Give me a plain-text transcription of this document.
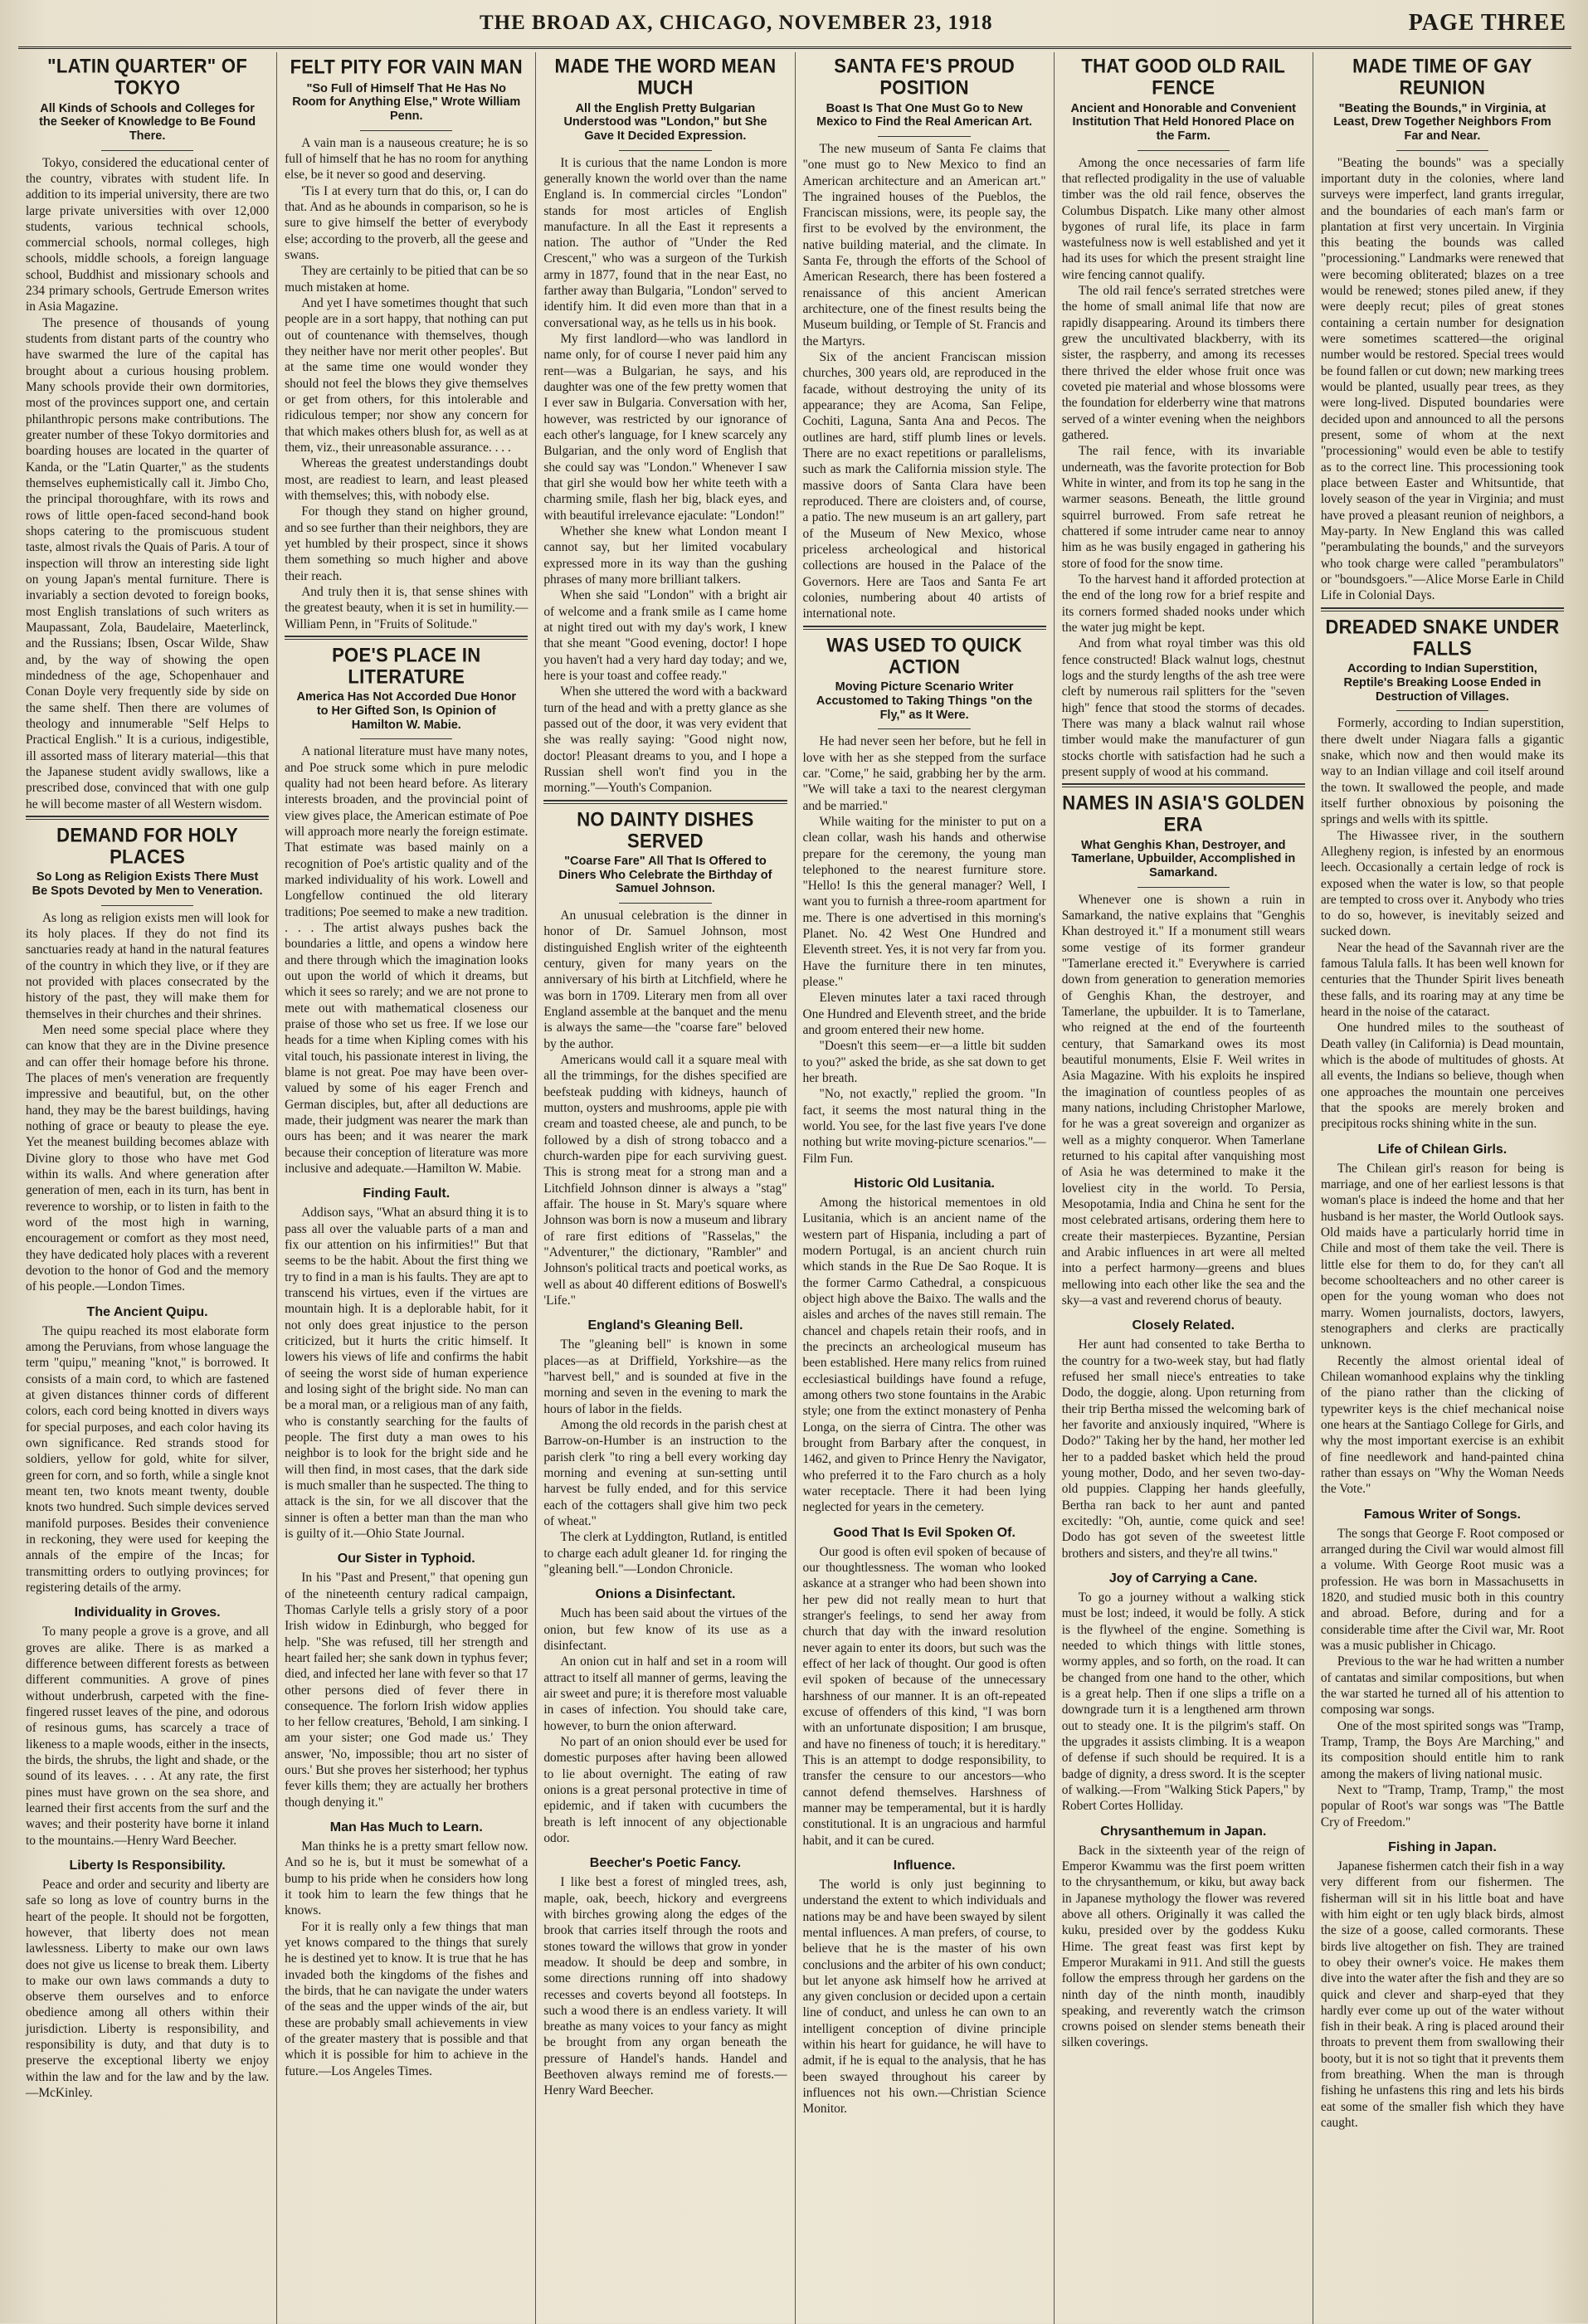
THE BROAD AX, CHICAGO, NOVEMBER 23, 1918	PAGE THREE
"LATIN QUARTER" OF TOKYO
All Kinds of Schools and Colleges for the Seeker of Knowledge to Be Found There.

Tokyo, considered the educational center of the country, vibrates with student life. In addition to its imperial university, there are two large private universities with over 12,000 students, various technical schools, commercial schools, normal colleges, high schools, middle schools, a foreign language school, Buddhist and missionary schools and 234 primary schools, Gertrude Emerson writes in Asia Magazine.

The presence of thousands of young students from distant parts of the country who have swarmed the lure of the capital has brought about a curious housing problem. Many schools provide their own dormitories, most of the provinces support one, and certain philanthropic persons make contributions. The greater number of these Tokyo dormitories and boarding houses are located in the quarter of Kanda, or the "Latin Quarter," as the students themselves euphemistically call it. Jimbo Cho, the principal thoroughfare, with its rows and rows of little open-faced second-hand book shops catering to the promiscuous student taste, almost rivals the Quais of Paris. A tour of inspection will throw an interesting side light on young Japan's mental furniture. There is invariably a section devoted to foreign books, most English translations of such writers as Maupassant, Zola, Baudelaire, Maeterlinck, and the Russians; Ibsen, Oscar Wilde, Shaw and, by the way of showing the open mindedness of the age, Schopenhauer and Conan Doyle very frequently side by side on the same shelf. Then there are volumes of theology and innumerable "Self Helps to Practical English." It is a curious, indigestible, ill assorted mass of literary material—this that the Japanese student avidly swallows, like a prescribed dose, convinced that with one gulp he will become master of all Western wisdom.

DEMAND FOR HOLY PLACES
So Long as Religion Exists There Must Be Spots Devoted by Men to Veneration.

As long as religion exists men will look for its holy places. If they do not find its sanctuaries ready at hand in the natural features of the country in which they live, or if they are not provided with places consecrated by the history of the past, they will make them for themselves in their churches and their shrines.

Men need some special place where they can know that they are in the Divine presence and can offer their homage before his throne. The places of men's veneration are frequently impressive and beautiful, but, on the other hand, they may be the barest buildings, having nothing of grace or beauty to please the eye. Yet the meanest building becomes ablaze with Divine glory to those who have met God within its walls. And where generation after generation of men, each in its turn, has bent in reverence to worship, or to listen in faith to the word of the most high in warning, encouragement or comfort as they most need, they have dedicated holy places with a reverent devotion to the honor of God and the memory of his people.—London Times.

The Ancient Quipu.

The quipu reached its most elaborate form among the Peruvians, from whose language the term "quipu," meaning "knot," is borrowed. It consists of a main cord, to which are fastened at given distances thinner cords of different colors, each cord being knotted in divers ways for special purposes, and each color having its own significance. Red strands stood for soldiers, yellow for gold, white for silver, green for corn, and so forth, while a single knot meant ten, two knots meant twenty, double knots two hundred. Such simple devices served manifold purposes. Besides their convenience in reckoning, they were used for keeping the annals of the empire of the Incas; for transmitting orders to outlying provinces; for registering details of the army.

Individuality in Groves.

To many people a grove is a grove, and all groves are alike. There is as marked a difference between different forests as between different communities. A grove of pines without underbrush, carpeted with the fine-fingered russet leaves of the pine, and odorous of resinous gums, has scarcely a trace of likeness to a maple woods, either in the insects, the birds, the shrubs, the light and shade, or the sound of its leaves. . . . At any rate, the first pines must have grown on the sea shore, and learned their first accents from the surf and the waves; and their posterity have borne it inland to the mountains.—Henry Ward Beecher.

Liberty Is Responsibility.

Peace and order and security and liberty are safe so long as love of country burns in the heart of the people. It should not be forgotten, however, that liberty does not mean lawlessness. Liberty to make our own laws does not give us license to break them. Liberty to make our own laws commands a duty to observe them ourselves and to enforce obedience among all others within their jurisdiction. Liberty is responsibility, and responsibility is duty, and that duty is to preserve the exceptional liberty we enjoy within the law and for the law and by the law.—McKinley.

FELT PITY FOR VAIN MAN
"So Full of Himself That He Has No Room for Anything Else," Wrote William Penn.

A vain man is a nauseous creature; he is so full of himself that he has no room for anything else, be it never so good and deserving.

'Tis I at every turn that do this, or, I can do that. And as he abounds in comparison, so he is sure to give himself the better of everybody else; according to the proverb, all the geese and swans.

They are certainly to be pitied that can be so much mistaken at home.

And yet I have sometimes thought that such people are in a sort happy, that nothing can put out of countenance with themselves, though they neither have nor merit other peoples'. But at the same time one would wonder they should not feel the blows they give themselves or get from others, for this intolerable and ridiculous temper; nor show any concern for that which makes others blush for, as well as at them, viz., their unreasonable assurance. . . .

Whereas the greatest understandings doubt most, are readiest to learn, and least pleased with themselves; this, with nobody else.

For though they stand on higher ground, and so see further than their neighbors, they are yet humbled by their prospect, since it shows them something so much higher and above their reach.

And truly then it is, that sense shines with the greatest beauty, when it is set in humility.—William Penn, in "Fruits of Solitude."

POE'S PLACE IN LITERATURE
America Has Not Accorded Due Honor to Her Gifted Son, Is Opinion of Hamilton W. Mabie.

A national literature must have many notes, and Poe struck some which in pure melodic quality had not been heard before. As literary interests broaden, and the provincial point of view gives place, the American estimate of Poe will approach more nearly the foreign estimate. That estimate was based mainly on a recognition of Poe's artistic quality and of the marked individuality of his work. Lowell and Longfellow continued the old literary traditions; Poe seemed to make a new tradition. . . . The artist always pushes back the boundaries a little, and opens a window here and there through which the imagination looks out upon the world of which it dreams, but which it sees so rarely; and we are not prone to mete out with mathematical closeness our praise of those who set us free. If we lose our heads for a time when Kipling comes with his vital touch, his passionate interest in living, the blame is not great. Poe may have been over-valued by some of his eager French and German disciples, but, after all deductions are made, their judgment was nearer the mark than ours has been; and it was nearer the mark because their conception of literature was more inclusive and adequate.—Hamilton W. Mabie.

Finding Fault.

Addison says, "What an absurd thing it is to pass all over the valuable parts of a man and fix our attention on his infirmities!" But that seems to be the habit. About the first thing we try to find in a man is his faults. They are apt to transcend his virtues, even if the virtues are mountain high. It is a deplorable habit, for it not only does great injustice to the person criticized, but it hurts the critic himself. It lowers his views of life and confirms the habit of seeing the worst side of human experience and losing sight of the bright side. No man can be a moral man, or a religious man of any faith, who is constantly searching for the faults of people. The first duty a man owes to his neighbor is to look for the bright side and he will then find, in most cases, that the dark side is much smaller than he suspected. The thing to attack is the sin, for we all discover that the sinner is often a better man than the man who is guilty of it.—Ohio State Journal.

Our Sister in Typhoid.

In his "Past and Present," that opening gun of the nineteenth century radical campaign, Thomas Carlyle tells a grisly story of a poor Irish widow in Edinburgh, who begged for help. "She was refused, till her strength and heart failed her; she sank down in typhus fever; died, and infected her lane with fever so that 17 other persons died of fever there in consequence. The forlorn Irish widow applies to her fellow creatures, 'Behold, I am sinking. I am your sister; one God made us.' They answer, 'No, impossible; thou art no sister of ours.' But she proves her sisterhood; her typhus fever kills them; they are actually her brothers though denying it."

Man Has Much to Learn.

Man thinks he is a pretty smart fellow now. And so he is, but it must be somewhat of a bump to his pride when he considers how long it took him to learn the few things that he knows.

For it is really only a few things that man yet knows compared to the things that surely he is destined yet to know. It is true that he has invaded both the kingdoms of the fishes and the birds, that he can navigate the under waters of the seas and the upper winds of the air, but these are probably small achievements in view of the greater mastery that is possible and that which it is possible for him to achieve in the future.—Los Angeles Times.

MADE THE WORD MEAN MUCH
All the English Pretty Bulgarian Understood was "London," but She Gave It Decided Expression.

It is curious that the name London is more generally known the world over than the name England is. In commercial circles "London" stands for most articles of English manufacture. In all the East it represents a nation. The author of "Under the Red Crescent," who was a surgeon of the Turkish army in 1877, found that in the near East, no farther away than Bulgaria, "London" served to identify him. It did even more than that in a conversational way, as he tells us in his book.

My first landlord—who was landlord in name only, for of course I never paid him any rent—was a Bulgarian, he says, and his daughter was one of the few pretty women that I ever saw in Bulgaria. Conversation with her, however, was restricted by our ignorance of each other's language, for I knew scarcely any Bulgarian, and the only word of English that she could say was "London." Whenever I saw that girl she would bow her white teeth with a charming smile, flash her big, black eyes, and with beautiful irrelevance ejaculate: "London!"

Whether she knew what London meant I cannot say, but her limited vocabulary expressed more in its way than the gushing phrases of many more brilliant talkers.

When she said "London" with a bright air of welcome and a frank smile as I came home at night tired out with my day's work, I knew that she meant "Good evening, doctor! I hope you haven't had a very hard day today; and we, here is your toast and coffee ready."

When she uttered the word with a backward turn of the head and with a pretty glance as she passed out of the door, it was very evident that she was really saying: "Good night now, doctor! Pleasant dreams to you, and I hope a Russian shell won't find you in the morning."—Youth's Companion.

NO DAINTY DISHES SERVED
"Coarse Fare" All That Is Offered to Diners Who Celebrate the Birthday of Samuel Johnson.

An unusual celebration is the dinner in honor of Dr. Samuel Johnson, most distinguished English writer of the eighteenth century, given for many years on the anniversary of his birth at Litchfield, where he was born in 1709. Literary men from all over England assemble at the banquet and the menu is always the same—the "coarse fare" beloved by the author.

Americans would call it a square meal with all the trimmings, for the dishes specified are beefsteak pudding with kidneys, haunch of mutton, oysters and mushrooms, apple pie with cream and toasted cheese, ale and punch, to be followed by a dish of strong tobacco and a church-warden pipe for each surviving guest. This is strong meat for a strong man and a Litchfield Johnson dinner is always a "stag" affair. The house in St. Mary's square where Johnson was born is now a museum and library of rare first editions of "Rasselas," the "Adventurer," the dictionary, "Rambler" and Johnson's political tracts and poetical works, as well as about 40 different editions of Boswell's 'Life."

England's Gleaning Bell.

The "gleaning bell" is known in some places—as at Driffield, Yorkshire—as the "harvest bell," and is sounded at five in the morning and seven in the evening to mark the hours of labor in the fields.

Among the old records in the parish chest at Barrow-on-Humber is an instruction to the parish clerk "to ring a bell every working day morning and evening at sun-setting until harvest be fully ended, and for this service each of the cottagers shall give him two peck of wheat."

The clerk at Lyddington, Rutland, is entitled to charge each adult gleaner 1d. for ringing the "gleaning bell."—London Chronicle.

Onions a Disinfectant.

Much has been said about the virtues of the onion, but few know of its use as a disinfectant.

An onion cut in half and set in a room will attract to itself all manner of germs, leaving the air sweet and pure; it is therefore most valuable in cases of infection. You should take care, however, to burn the onion afterward.

No part of an onion should ever be used for domestic purposes after having been allowed to lie about overnight. The eating of raw onions is a great personal protective in time of epidemic, and if taken with cucumbers the breath is left innocent of any objectionable odor.

Beecher's Poetic Fancy.

I like best a forest of mingled trees, ash, maple, oak, beech, hickory and evergreens with birches growing along the edges of the brook that carries itself through the roots and stones toward the willows that grow in yonder meadow. It should be deep and sombre, in some directions running off into shadowy recesses and coverts beyond all footsteps. In such a wood there is an endless variety. It will breathe as many voices to your fancy as might be brought from any organ beneath the pressure of Handel's hands. Handel and Beethoven always remind me of forests.—Henry Ward Beecher.

SANTA FE'S PROUD POSITION
Boast Is That One Must Go to New Mexico to Find the Real American Art.

The new museum of Santa Fe claims that "one must go to New Mexico to find an American architecture and an American art." The ingrained houses of the Pueblos, the Franciscan missions, were, its people say, the first to be evolved by the environment, the native building material, and the climate. In Santa Fe, through the efforts of the School of American Research, there has been fostered a renaissance of this ancient American architecture, one of the finest results being the Museum building, or Temple of St. Francis and the Martyrs.

Six of the ancient Franciscan mission churches, 300 years old, are reproduced in the facade, without destroying the unity of its appearance; they are Acoma, San Felipe, Cochiti, Laguna, Santa Ana and Pecos. The outlines are hard, stiff plumb lines or levels. There are no exact repetitions or parallelisms, such as mark the California mission style. The massive doors of Santa Clara have been reproduced. There are cloisters and, of course, a patio. The new museum is an art gallery, part of the Museum of New Mexico, whose priceless archeological and historical collections are housed in the Palace of the Governors. Here are Taos and Santa Fe art colonies, numbering about 40 artists of international note.

WAS USED TO QUICK ACTION
Moving Picture Scenario Writer Accustomed to Taking Things "on the Fly," as It Were.

He had never seen her before, but he fell in love with her as she stepped from the surface car. "Come," he said, grabbing her by the arm. "We will take a taxi to the nearest clergyman and be married."

While waiting for the minister to put on a clean collar, wash his hands and otherwise prepare for the ceremony, the young man telephoned to the nearest furniture store. "Hello! Is this the general manager? Well, I want you to furnish a three-room apartment for me. There is one advertised in this morning's Planet. No. 42 West One Hundred and Eleventh street. Yes, it is not very far from you. Have the furniture there in ten minutes, please."

Eleven minutes later a taxi raced through One Hundred and Eleventh street, and the bride and groom entered their new home.

"Doesn't this seem—er—a little bit sudden to you?" asked the bride, as she sat down to get her breath.

"No, not exactly," replied the groom. "In fact, it seems the most natural thing in the world. You see, for the last five years I've done nothing but write moving-picture scenarios."—Film Fun.

Historic Old Lusitania.

Among the historical mementoes in old Lusitania, which is an ancient name of the western part of Hispania, including a part of modern Portugal, is an ancient church ruin which stands in the Rue De Sao Roque. It is the former Carmo Cathedral, a conspicuous object high above the Baixo. The walls and the aisles and arches of the naves still remain. The chancel and chapels retain their roofs, and in the precincts an archeological museum has been established. Here many relics from ruined ecclesiastical buildings have found a refuge, among others two stone fountains in the Arabic style; one from the extinct monastery of Penha Longa, on the sierra of Cintra. The other was brought from Barbary after the conquest, in 1462, and given to Prince Henry the Navigator, who preferred it to the Faro church as a holy water receptacle. There it had been lying neglected for years in the cemetery.

Good That Is Evil Spoken Of.

Our good is often evil spoken of because of our thoughtlessness. The woman who looked askance at a stranger who had been shown into her pew did not really mean to hurt that stranger's feelings, to send her away from church that day with the inward resolution never again to enter its doors, but such was the effect of her lack of thought. Our good is often evil spoken of because of the unnecessary harshness of our manner. It is an oft-repeated excuse of offenders of this kind, "I was born with an unfortunate disposition; I am brusque, and have no fineness of touch; it is hereditary." This is an attempt to dodge responsibility, to transfer the censure to our ancestors—who cannot defend themselves. Harshness of manner may be temperamental, but it is hardly constitutional. It is an ungracious and harmful habit, and it can be cured.

Influence.

The world is only just beginning to understand the extent to which individuals and nations may be and have been swayed by silent mental influences. A man prefers, of course, to believe that he is the master of his own conclusions and the arbiter of his own conduct; but let anyone ask himself how he arrived at any given conclusion or decided upon a certain line of conduct, and unless he can own to an intelligent conception of divine principle within his heart for guidance, he will have to admit, if he is equal to the analysis, that he has been swayed throughout his career by influences not his own.—Christian Science Monitor.

THAT GOOD OLD RAIL FENCE
Ancient and Honorable and Convenient Institution That Held Honored Place on the Farm.

Among the once necessaries of farm life that reflected prodigality in the use of valuable timber was the old rail fence, observes the Columbus Dispatch. Like many other almost bygones of rural life, its place in farm wastefulness now is well established and yet it had its uses for which the present straight line wire fencing cannot qualify.

The old rail fence's serrated stretches were the home of small animal life that now are rapidly disappearing. Around its timbers there grew the uncultivated blackberry, with its sister, the raspberry, and among its recesses there thrived the elder whose fruit once was coveted pie material and whose blossoms were the foundation for elderberry wine that matrons served of a winter evening when the neighbors gathered.

The rail fence, with its invariable underneath, was the favorite protection for Bob White in winter, and from its top he sang in the warmer seasons. Beneath, the little ground squirrel burrowed. From safe retreat he chattered if some intruder came near to annoy him as he was busily engaged in gathering his store of food for the snow time.

To the harvest hand it afforded protection at the end of the long row for a brief respite and its corners formed shaded nooks under which the water jug might be kept.

And from what royal timber was this old fence constructed! Black walnut logs, chestnut logs and the sturdy lengths of the ash tree were cleft by numerous rail splitters for the "seven high" fence that stood the storms of decades. There was many a black walnut rail whose timber would make the manufacturer of gun stocks chortle with satisfaction had he such a present supply of wood at his command.

NAMES IN ASIA'S GOLDEN ERA
What Genghis Khan, Destroyer, and Tamerlane, Upbuilder, Accomplished in Samarkand.

Whenever one is shown a ruin in Samarkand, the native explains that "Genghis Khan destroyed it." If a monument still wears some vestige of its former grandeur "Tamerlane erected it." Everywhere is carried down from generation to generation memories of Genghis Khan, the destroyer, and Tamerlane, the upbuilder. It is to Tamerlane, who reigned at the end of the fourteenth century, that Samarkand owes its most beautiful monuments, Elsie F. Weil writes in Asia Magazine. With his exploits he inspired the imagination of countless peoples of as many nations, including Christopher Marlowe, for he was a great sovereign and organizer as well as a mighty conqueror. When Tamerlane returned to his capital after vanquishing most of Asia he was determined to make it the loveliest city in the world. To Persia, Mesopotamia, India and China he sent for the most celebrated artisans, ordering them here to create their masterpieces. Byzantine, Persian and Arabic influences in art were all melted into a perfect harmony—greens and blues mellowing into each other like the sea and the sky—a vast and reverend chorus of beauty.

Closely Related.

Her aunt had consented to take Bertha to the country for a two-week stay, but had flatly refused her small niece's entreaties to take Dodo, the doggie, along. Upon returning from their trip Bertha missed the welcoming bark of her favorite and anxiously inquired, "Where is Dodo?" Taking her by the hand, her mother led her to a padded basket which held the proud young mother, Dodo, and her seven two-day-old puppies. Clapping her hands gleefully, Bertha ran back to her aunt and panted excitedly: "Oh, auntie, come quick and see! Dodo has got seven of the sweetest little brothers and sisters, and they're all twins."

Joy of Carrying a Cane.

To go a journey without a walking stick must be lost; indeed, it would be folly. A stick is the flywheel of the engine. Something is needed to which things with little stones, wormy apples, and so forth, on the road. It can be changed from one hand to the other, which is a great help. Then if one slips a trifle on a downgrade turn it is a lengthened arm thrown out to steady one. It is the pilgrim's staff. On the upgrades it assists climbing. It is a weapon of defense if such should be required. It is a badge of dignity, a dress sword. It is the scepter of walking.—From "Walking Stick Papers," by Robert Cortes Holliday.

Chrysanthemum in Japan.

Back in the sixteenth year of the reign of Emperor Kwammu was the first poem written to the chrysanthemum, or kiku, but away back in Japanese mythology the flower was revered above all others. Originally it was called the kuku, presided over by the goddess Kuku Hime. The great feast was first kept by Emperor Murakami in 911. And still the guests follow the empress through her gardens on the ninth day of the ninth month, inaudibly speaking, and reverently watch the crimson crowns poised on slender stems beneath their silken coverings.

MADE TIME OF GAY REUNION
"Beating the Bounds," in Virginia, at Least, Drew Together Neighbors From Far and Near.

"Beating the bounds" was a specially important duty in the colonies, where land surveys were imperfect, land grants irregular, and the boundaries of each man's farm or plantation at first very uncertain. In Virginia this beating the bounds was called "processioning." Landmarks were renewed that were becoming obliterated; blazes on a tree would be renewed; stones piled anew, if they were deeply recut; piles of great stones containing a certain number for designation were sometimes scattered—the original number would be restored. Special trees would be found fallen or cut down; new marking trees would be planted, usually pear trees, as they were long-lived. Disputed boundaries were decided upon and announced to all the persons present, some of whom at the next "processioning" would even be able to testify as to the correct line. This processioning took place between Easter and Whitsuntide, that lovely season of the year in Virginia; and must have proved a pleasant reunion of neighbors, a May-party. In New England this was called "perambulating the bounds," and the surveyors who took charge were called "perambulators" or "boundsgoers."—Alice Morse Earle in Child Life in Colonial Days.

DREADED SNAKE UNDER FALLS
According to Indian Superstition, Reptile's Breaking Loose Ended in Destruction of Villages.

Formerly, according to Indian superstition, there dwelt under Niagara falls a gigantic snake, which now and then would make its way to an Indian village and coil itself around the town. It swallowed the people, and made itself further obnoxious by poisoning the springs and wells with its spittle.

The Hiwassee river, in the southern Allegheny region, is infested by an enormous leech. Occasionally a certain ledge of rock is exposed when the water is low, so that people are tempted to cross over it. Anybody who tries to do so, however, is inevitably seized and sucked down.

Near the head of the Savannah river are the famous Talula falls. It has been well known for centuries that the Thunder Spirit lives beneath these falls, and its roaring may at any time be heard in the noise of the cataract.

One hundred miles to the southeast of Death valley (in California) is Dead mountain, which is the abode of multitudes of ghosts. At all events, the Indians so believe, though when one approaches the mountain one perceives that the spooks are merely broken and precipitous rocks shining white in the sun.

Life of Chilean Girls.

The Chilean girl's reason for being is marriage, and one of her earliest lessons is that woman's place is indeed the home and that her husband is her master, the World Outlook says. Old maids have a particularly horrid time in Chile and most of them take the veil. There is little else for them to do, for they can't all become schoolteachers and no other career is open for the young woman who does not marry. Women journalists, doctors, lawyers, stenographers and clerks are practically unknown.

Recently the almost oriental ideal of Chilean womanhood explains why the tinkling of the piano rather than the clicking of typewriter keys is the chief mechanical noise one hears at the Santiago College for Girls, and why the most important exercise is an exhibit of fine needlework and hand-painted china rather than essays on "Why the Woman Needs the Vote."

Famous Writer of Songs.

The songs that George F. Root composed or arranged during the Civil war would almost fill a volume. With George Root music was a profession. He was born in Massachusetts in 1820, and studied music both in this country and abroad. Before, during and for a considerable time after the Civil war, Mr. Root was a music publisher in Chicago.

Previous to the war he had written a number of cantatas and similar compositions, but when the war started he turned all of his attention to composing war songs.

One of the most spirited songs was "Tramp, Tramp, Tramp, the Boys Are Marching," and its composition should entitle him to rank among the makers of living national music.

Next to "Tramp, Tramp, Tramp," the most popular of Root's war songs was "The Battle Cry of Freedom."

Fishing in Japan.

Japanese fishermen catch their fish in a way very different from our fishermen. The fisherman will sit in his little boat and have with him eight or ten ugly black birds, almost the size of a goose, called cormorants. These birds live altogether on fish. They are trained to obey their owner's voice. He makes them dive into the water after the fish and they are so quick and clever and sharp-eyed that they hardly ever come up out of the water without fish in their beak. A ring is placed around their throats to prevent them from swallowing their booty, but it is not so tight that it prevents them from breathing. When the man is through fishing he unfastens this ring and lets his birds eat some of the smaller fish which they have caught.
